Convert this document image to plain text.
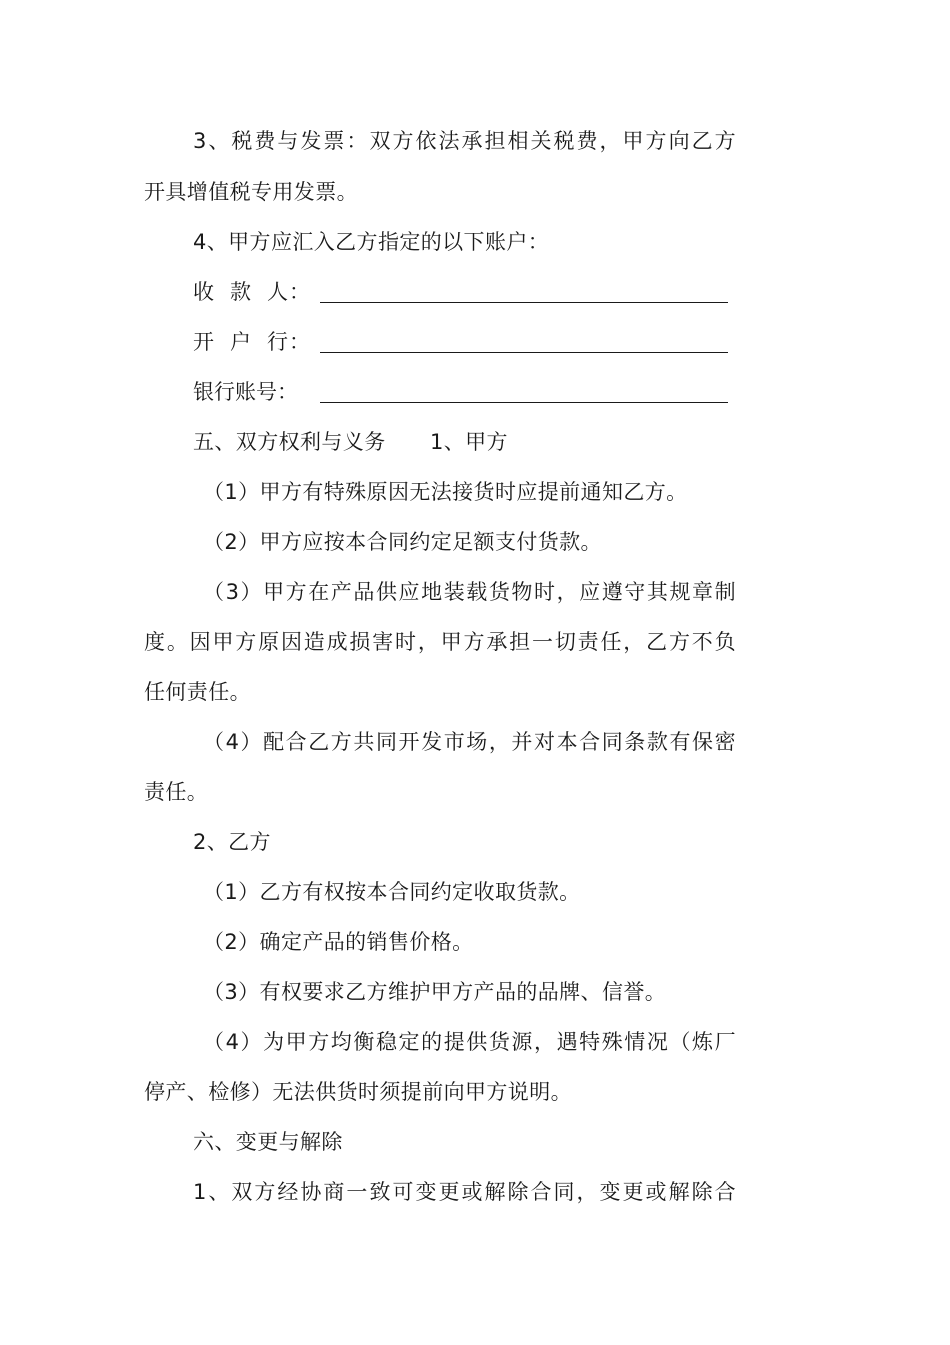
3、税费与发票：双方依法承担相关税费，甲方向乙方
开具增值税专用发票。
4、甲方应汇入乙方指定的以下账户：
收 款 人：
开 户 行：
银行账号：
五、双方权利与义务 1、甲方
（1）甲方有特殊原因无法接货时应提前通知乙方。
（2）甲方应按本合同约定足额支付货款。
（3）甲方在产品供应地装载货物时，应遵守其规章制
度。因甲方原因造成损害时，甲方承担一切责任，乙方不负
任何责任。
（4）配合乙方共同开发市场，并对本合同条款有保密
责任。
2、乙方
（1）乙方有权按本合同约定收取货款。
（2）确定产品的销售价格。
（3）有权要求乙方维护甲方产品的品牌、信誉。
（4）为甲方均衡稳定的提供货源，遇特殊情况（炼厂
停产、检修）无法供货时须提前向甲方说明。
六、变更与解除
1、双方经协商一致可变更或解除合同，变更或解除合
